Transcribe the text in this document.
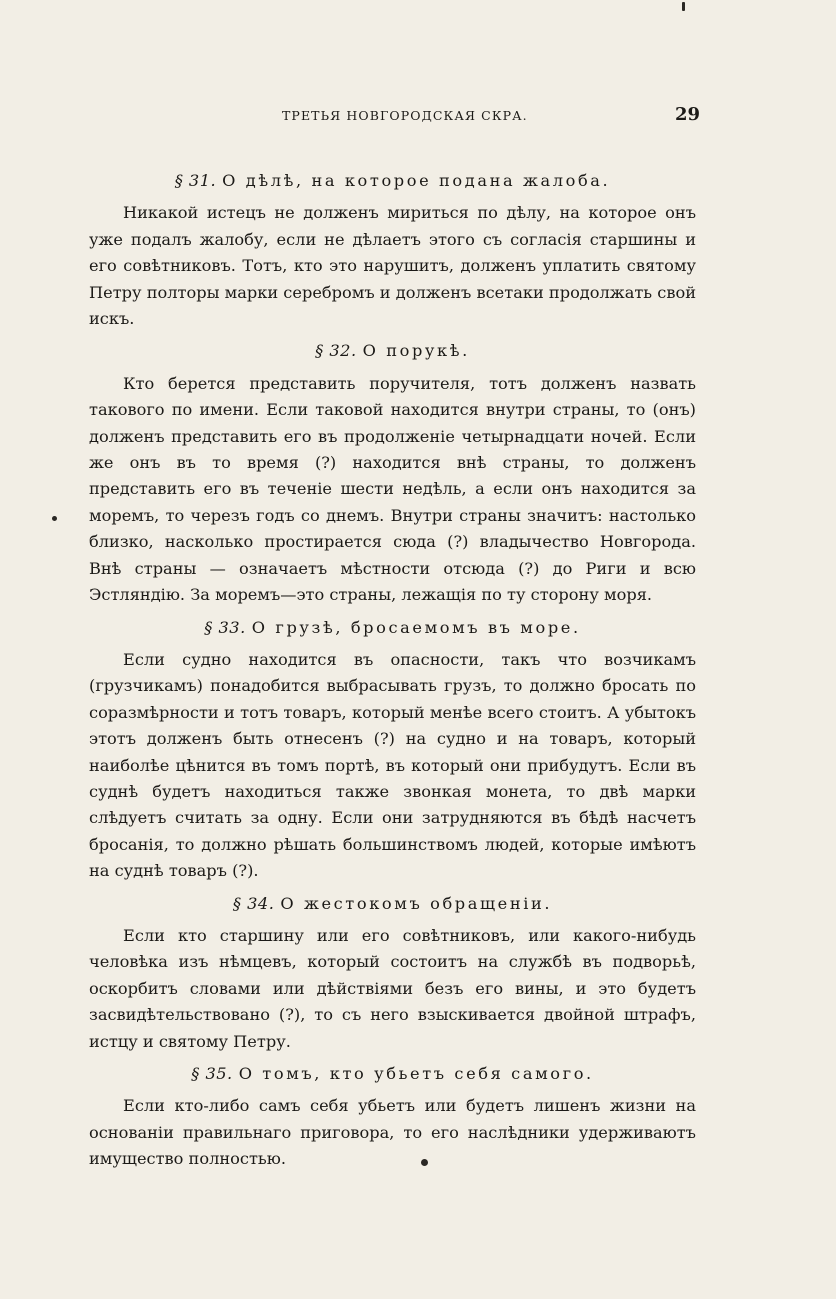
ТРЕТЬЯ НОВГОРОДСКАЯ СКРА.	29
§ 31. О дѣлѣ, на которое подана жалоба.

Никакой истецъ не долженъ мириться по дѣлу, на которое онъ уже подалъ жалобу, если не дѣлаетъ этого съ согласія старшины и его совѣтниковъ. Тотъ, кто это нарушитъ, долженъ уплатить святому Петру полторы марки серебромъ и долженъ всетаки продолжать свой искъ.

§ 32. О порукѣ.

Кто берется представить поручителя, тотъ долженъ назвать такового по имени. Если таковой находится внутри страны, то (онъ) долженъ представить его въ продолженіе четырнадцати ночей. Если же онъ въ то время (?) находится внѣ страны, то долженъ представить его въ теченіе шести недѣль, а если онъ находится за моремъ, то черезъ годъ со днемъ. Внутри страны значитъ: настолько близко, насколько простирается сюда (?) владычество Новгорода. Внѣ страны — означаетъ мѣстности отсюда (?) до Риги и всю Эстляндію. За моремъ—это страны, лежащія по ту сторону моря.

§ 33. О грузѣ, бросаемомъ въ море.

Если судно находится въ опасности, такъ что возчикамъ (грузчикамъ) понадобится выбрасывать грузъ, то должно бросать по соразмѣрности и тотъ товаръ, который менѣе всего стоитъ. А убытокъ этотъ долженъ быть отнесенъ (?) на судно и на товаръ, который наиболѣе цѣнится въ томъ портѣ, въ который они прибудутъ. Если въ суднѣ будетъ находиться также звонкая монета, то двѣ марки слѣдуетъ считать за одну. Если они затрудняются въ бѣдѣ насчетъ бросанія, то должно рѣшать большинствомъ людей, которые имѣютъ на суднѣ товаръ (?).

§ 34. О жестокомъ обращеніи.

Если кто старшину или его совѣтниковъ, или какого-нибудь человѣка изъ нѣмцевъ, который состоитъ на службѣ въ подворьѣ, оскорбитъ словами или дѣйствіями безъ его вины, и это будетъ засвидѣтельствовано (?), то съ него взыскивается двойной штрафъ, истцу и святому Петру.

§ 35. О томъ, кто убьетъ себя самого.

Если кто-либо самъ себя убьетъ или будетъ лишенъ жизни на основаніи правильнаго приговора, то его наслѣдники удерживаютъ имущество полностью.
